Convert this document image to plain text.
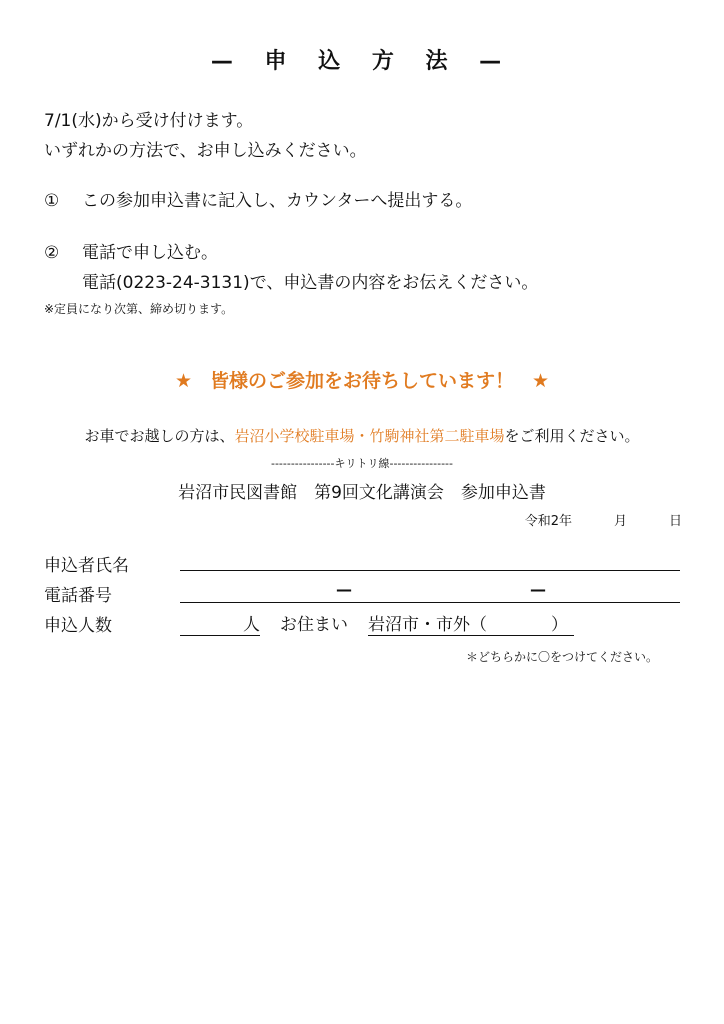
— 申 込 方 法 —
7/1(水)から受け付けます。
いずれかの方法で、お申し込みください。
① この参加申込書に記入し、カウンターへ提出する。
② 電話で申し込む。
電話(0223-24-3131)で、申込書の内容をお伝えください。
※定員になり次第、締め切ります。
★ 皆様のご参加をお待ちしています！ ★
お車でお越しの方は、岩沼小学校駐車場・竹駒神社第二駐車場をご利用ください。
----------------キリトリ線----------------
岩沼市民図書館　第9回文化講演会　参加申込書
令和2年	月	日
申込者氏名
電話番号	—	—
申込人数	人 お住まい 岩沼市・市外（	）
＊どちらかに〇をつけてください。
